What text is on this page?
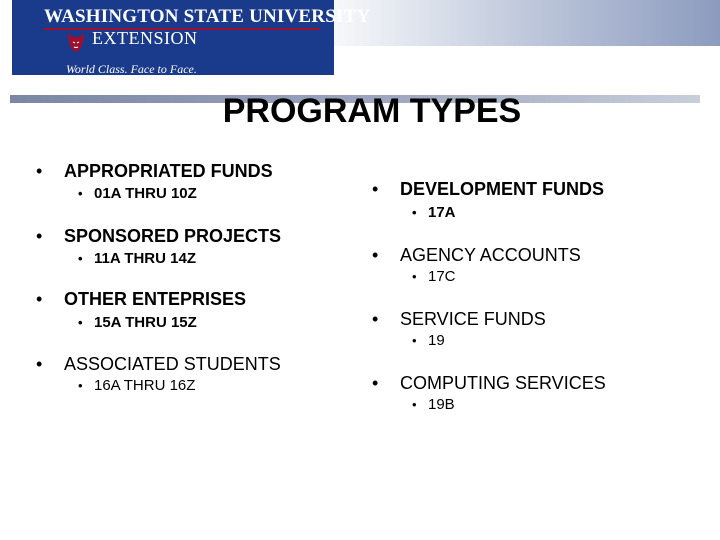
WASHINGTON STATE UNIVERSITY
EXTENSION
World Class. Face to Face.
PROGRAM TYPES
• APPROPRIATED FUNDS
• 01A THRU 10Z
• SPONSORED PROJECTS
• 11A THRU 14Z
• OTHER ENTEPRISES
• 15A THRU 15Z
• ASSOCIATED STUDENTS
• 16A THRU 16Z
• DEVELOPMENT FUNDS
• 17A
• AGENCY ACCOUNTS
• 17C
• SERVICE FUNDS
• 19
• COMPUTING SERVICES
• 19B
